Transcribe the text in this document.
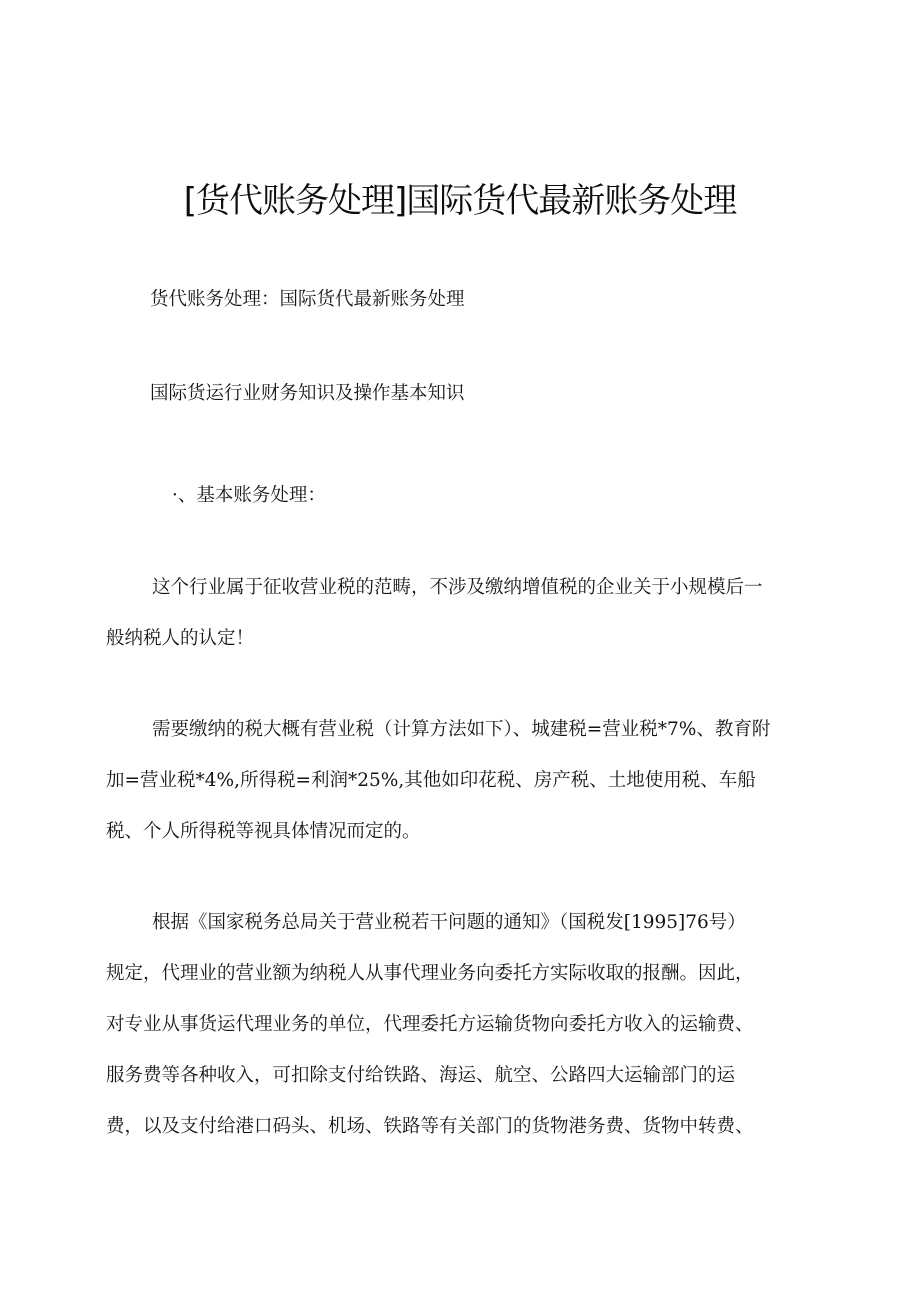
[货代账务处理]国际货代最新账务处理
货代账务处理：国际货代最新账务处理
国际货运行业财务知识及操作基本知识
·、基本账务处理：
这个行业属于征收营业税的范畴，不涉及缴纳增值税的企业关于小规模后一
般纳税人的认定！
需要缴纳的税大概有营业税（计算方法如下）、城建税=营业税*7%、教育附
加=营业税*4%,所得税=利润*25%,其他如印花税、房产税、土地使用税、车船
税、个人所得税等视具体情况而定的。
根据《国家税务总局关于营业税若干问题的通知》（国税发[1995]76号）
规定，代理业的营业额为纳税人从事代理业务向委托方实际收取的报酬。因此，
对专业从事货运代理业务的单位，代理委托方运输货物向委托方收入的运输费、
服务费等各种收入，可扣除支付给铁路、海运、航空、公路四大运输部门的运
费，以及支付给港口码头、机场、铁路等有关部门的货物港务费、货物中转费、
